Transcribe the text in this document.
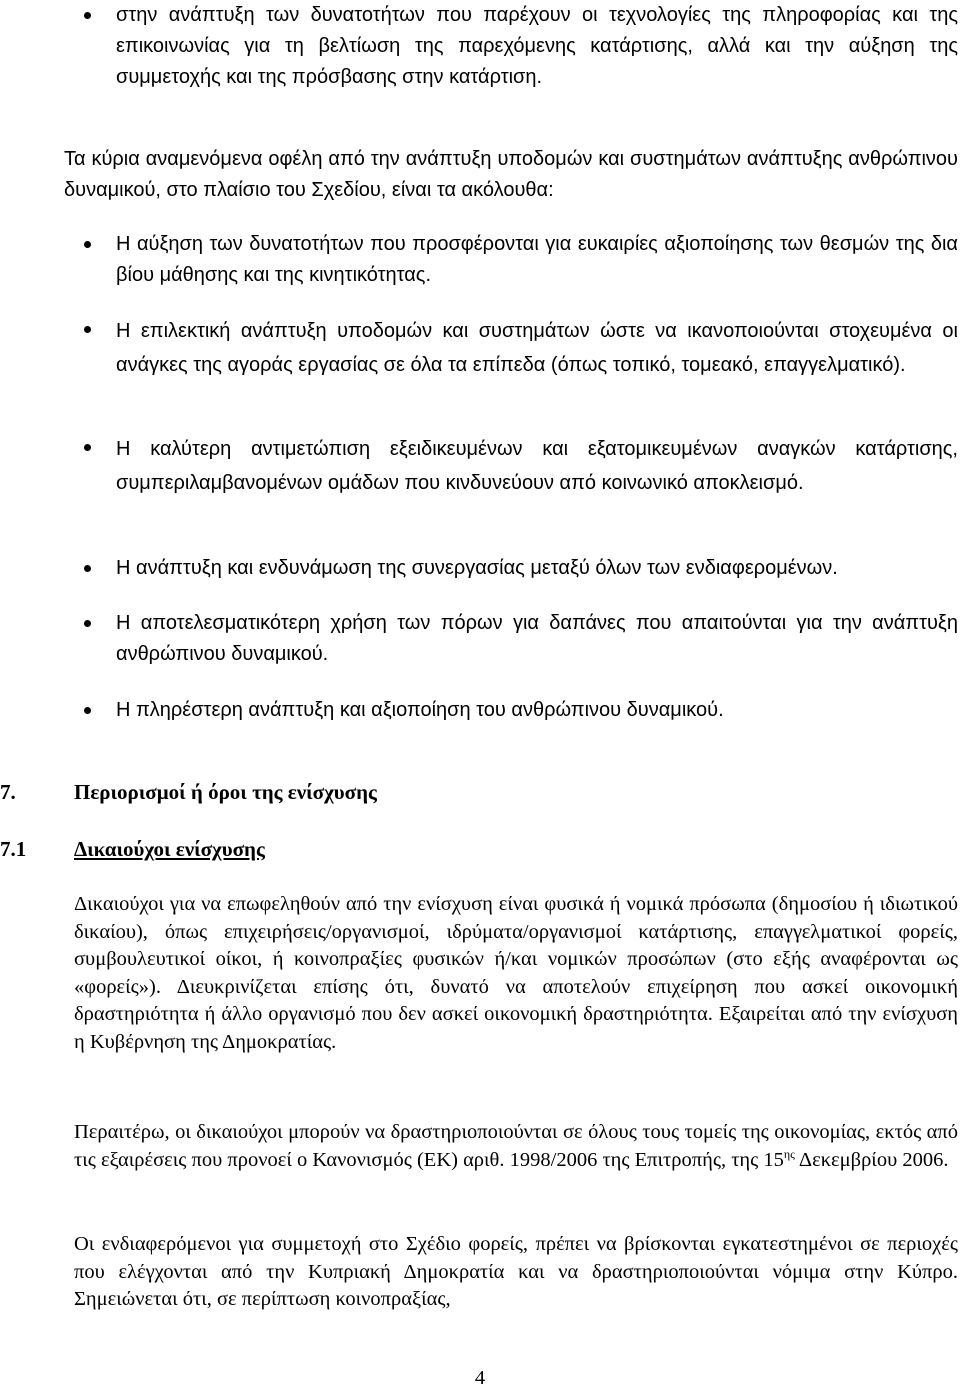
στην ανάπτυξη των δυνατοτήτων που παρέχουν οι τεχνολογίες της πληροφορίας και της επικοινωνίας για τη βελτίωση της παρεχόμενης κατάρτισης, αλλά και την αύξηση της συμμετοχής και της πρόσβασης στην κατάρτιση.
Τα κύρια αναμενόμενα οφέλη από την ανάπτυξη υποδομών και συστημάτων ανάπτυξης ανθρώπινου δυναμικού, στο πλαίσιο του Σχεδίου, είναι τα ακόλουθα:
Η αύξηση των δυνατοτήτων που προσφέρονται για ευκαιρίες αξιοποίησης των θεσμών της δια βίου μάθησης και της κινητικότητας.
Η επιλεκτική ανάπτυξη υποδομών και συστημάτων ώστε να ικανοποιούνται στοχευμένα οι ανάγκες της αγοράς εργασίας σε όλα τα επίπεδα (όπως τοπικό, τομεακό, επαγγελματικό).
Η καλύτερη αντιμετώπιση εξειδικευμένων και εξατομικευμένων αναγκών κατάρτισης, συμπεριλαμβανομένων ομάδων που κινδυνεύουν από κοινωνικό αποκλεισμό.
Η ανάπτυξη και ενδυνάμωση της συνεργασίας μεταξύ όλων των ενδιαφερομένων.
Η αποτελεσματικότερη χρήση των πόρων για δαπάνες που απαιτούνται για την ανάπτυξη ανθρώπινου δυναμικού.
Η πληρέστερη ανάπτυξη και αξιοποίηση του ανθρώπινου δυναμικού.
7.	Περιορισμοί ή όροι της ενίσχυσης
7.1 Δικαιούχοι ενίσχυσης
Δικαιούχοι για να επωφεληθούν από την ενίσχυση είναι φυσικά ή νομικά πρόσωπα (δημοσίου ή ιδιωτικού δικαίου), όπως επιχειρήσεις/οργανισμοί, ιδρύματα/οργανισμοί κατάρτισης, επαγγελματικοί φορείς, συμβουλευτικοί οίκοι, ή κοινοπραξίες φυσικών ή/και νομικών προσώπων (στο εξής αναφέρονται ως «φορείς»). Διευκρινίζεται επίσης ότι, δυνατό να αποτελούν επιχείρηση που ασκεί οικονομική δραστηριότητα ή άλλο οργανισμό που δεν ασκεί οικονομική δραστηριότητα. Εξαιρείται από την ενίσχυση η Κυβέρνηση της Δημοκρατίας.
Περαιτέρω, οι δικαιούχοι μπορούν να δραστηριοποιούνται σε όλους τους τομείς της οικονομίας, εκτός από τις εξαιρέσεις που προνοεί ο Κανονισμός (ΕΚ) αριθ. 1998/2006 της Επιτροπής, της $15^{\eta\varsigma}$ Δεκεμβρίου 2006.
Οι ενδιαφερόμενοι για συμμετοχή στο Σχέδιο φορείς, πρέπει να βρίσκονται εγκατεστημένοι σε περιοχές που ελέγχονται από την Κυπριακή Δημοκρατία και να δραστηριοποιούνται νόμιμα στην Κύπρο. Σημειώνεται ότι, σε περίπτωση κοινοπραξίας,
4
